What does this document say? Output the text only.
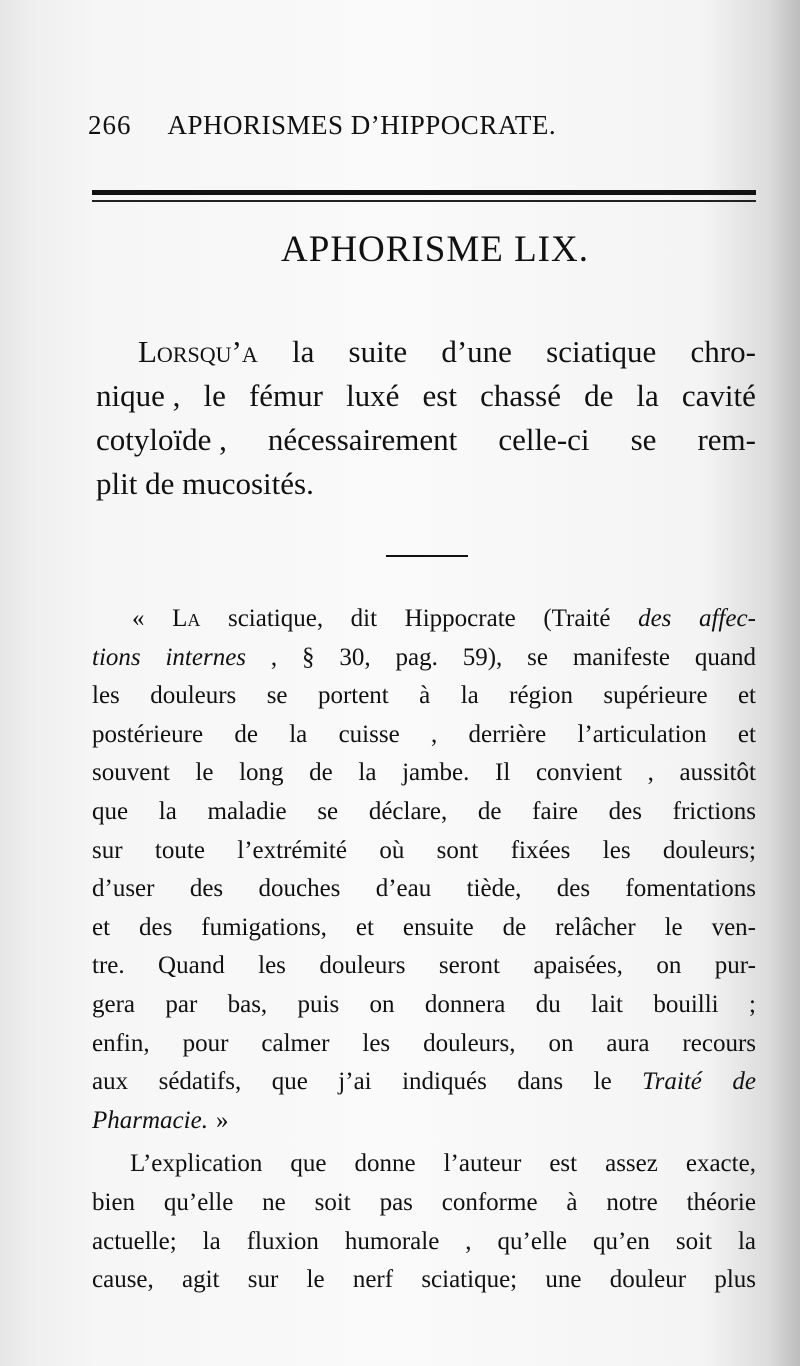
266 APHORISMES D’HIPPOCRATE.
APHORISME LIX.
Lorsqu’a la suite d’une sciatique chro-
nique , le fémur luxé est chassé de la cavité
cotyloïde , nécessairement celle-ci se rem-
plit de mucosités.
« La sciatique, dit Hippocrate (Traité des affec-
tions internes , § 30, pag. 59), se manifeste quand
les douleurs se portent à la région supérieure et
postérieure de la cuisse , derrière l’articulation et
souvent le long de la jambe. Il convient , aussitôt
que la maladie se déclare, de faire des frictions
sur toute l’extrémité où sont fixées les douleurs;
d’user des douches d’eau tiède, des fomentations
et des fumigations, et ensuite de relâcher le ven-
tre. Quand les douleurs seront apaisées, on pur-
gera par bas, puis on donnera du lait bouilli ;
enfin, pour calmer les douleurs, on aura recours
aux sédatifs, que j’ai indiqués dans le Traité de
Pharmacie. »
L’explication que donne l’auteur est assez exacte,
bien qu’elle ne soit pas conforme à notre théorie
actuelle; la fluxion humorale , qu’elle qu’en soit la
cause, agit sur le nerf sciatique; une douleur plus
